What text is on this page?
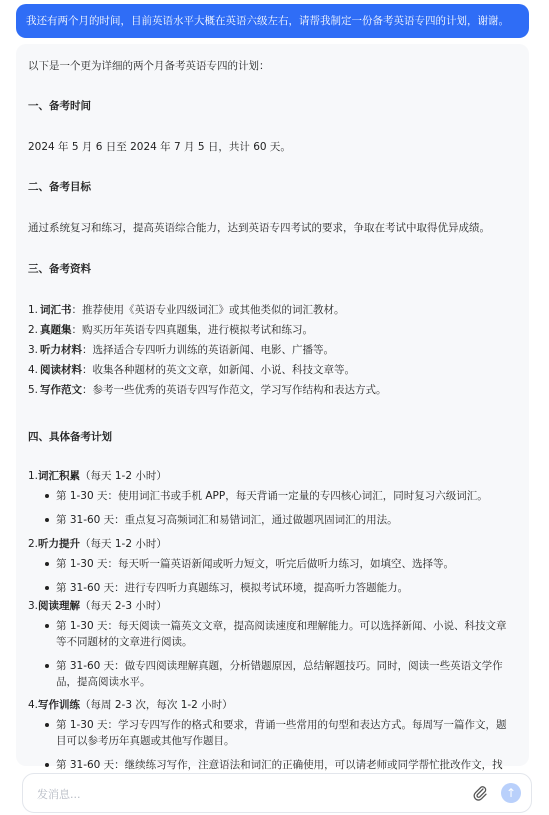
我还有两个月的时间，目前英语水平大概在英语六级左右，请帮我制定一份备考英语专四的计划，谢谢。

以下是一个更为详细的两个月备考英语专四的计划：

一、备考时间

2024 年 5 月 6 日至 2024 年 7 月 5 日，共计 60 天。

二、备考目标

通过系统复习和练习，提高英语综合能力，达到英语专四考试的要求，争取在考试中取得优异成绩。

三、备考资料

1. 词汇书：推荐使用《英语专业四级词汇》或其他类似的词汇教材。
2. 真题集：购买历年英语专四真题集，进行模拟考试和练习。
3. 听力材料：选择适合专四听力训练的英语新闻、电影、广播等。
4. 阅读材料：收集各种题材的英文文章，如新闻、小说、科技文章等。
5. 写作范文：参考一些优秀的英语专四写作范文，学习写作结构和表达方式。

四、具体备考计划

1.词汇积累（每天 1-2 小时）
第 1-30 天：使用词汇书或手机 APP，每天背诵一定量的专四核心词汇，同时复习六级词汇。
第 31-60 天：重点复习高频词汇和易错词汇，通过做题巩固词汇的用法。
2.听力提升（每天 1-2 小时）
第 1-30 天：每天听一篇英语新闻或听力短文，听完后做听力练习，如填空、选择等。
第 31-60 天：进行专四听力真题练习，模拟考试环境，提高听力答题能力。
3.阅读理解（每天 2-3 小时）
第 1-30 天：每天阅读一篇英文文章，提高阅读速度和理解能力。可以选择新闻、小说、科技文章等不同题材的文章进行阅读。
第 31-60 天：做专四阅读理解真题，分析错题原因，总结解题技巧。同时，阅读一些英语文学作品，提高阅读水平。
4.写作训练（每周 2-3 次，每次 1-2 小时）
第 1-30 天：学习专四写作的格式和要求，背诵一些常用的句型和表达方式。每周写一篇作文，题目可以参考历年真题或其他写作题目。
第 31-60 天：继续练习写作，注意语法和词汇的正确使用，可以请老师或同学帮忙批改作文，找
发消息...	↑
